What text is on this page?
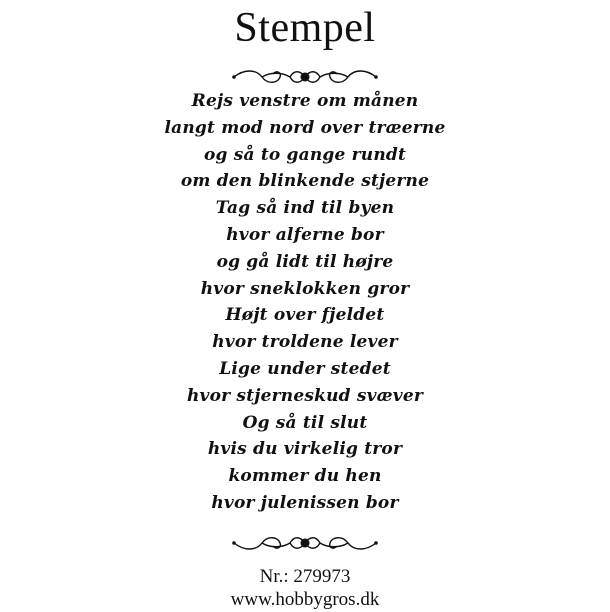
Stempel
Rejs venstre om månen
langt mod nord over træerne
og så to gange rundt
om den blinkende stjerne
Tag så ind til byen
hvor alferne bor
og gå lidt til højre
hvor sneklokken gror
Højt over fjeldet
hvor troldene lever
Lige under stedet
hvor stjerneskud svæver
Og så til slut
hvis du virkelig tror
kommer du hen
hvor julenissen bor
Nr.: 279973
www.hobbygros.dk
